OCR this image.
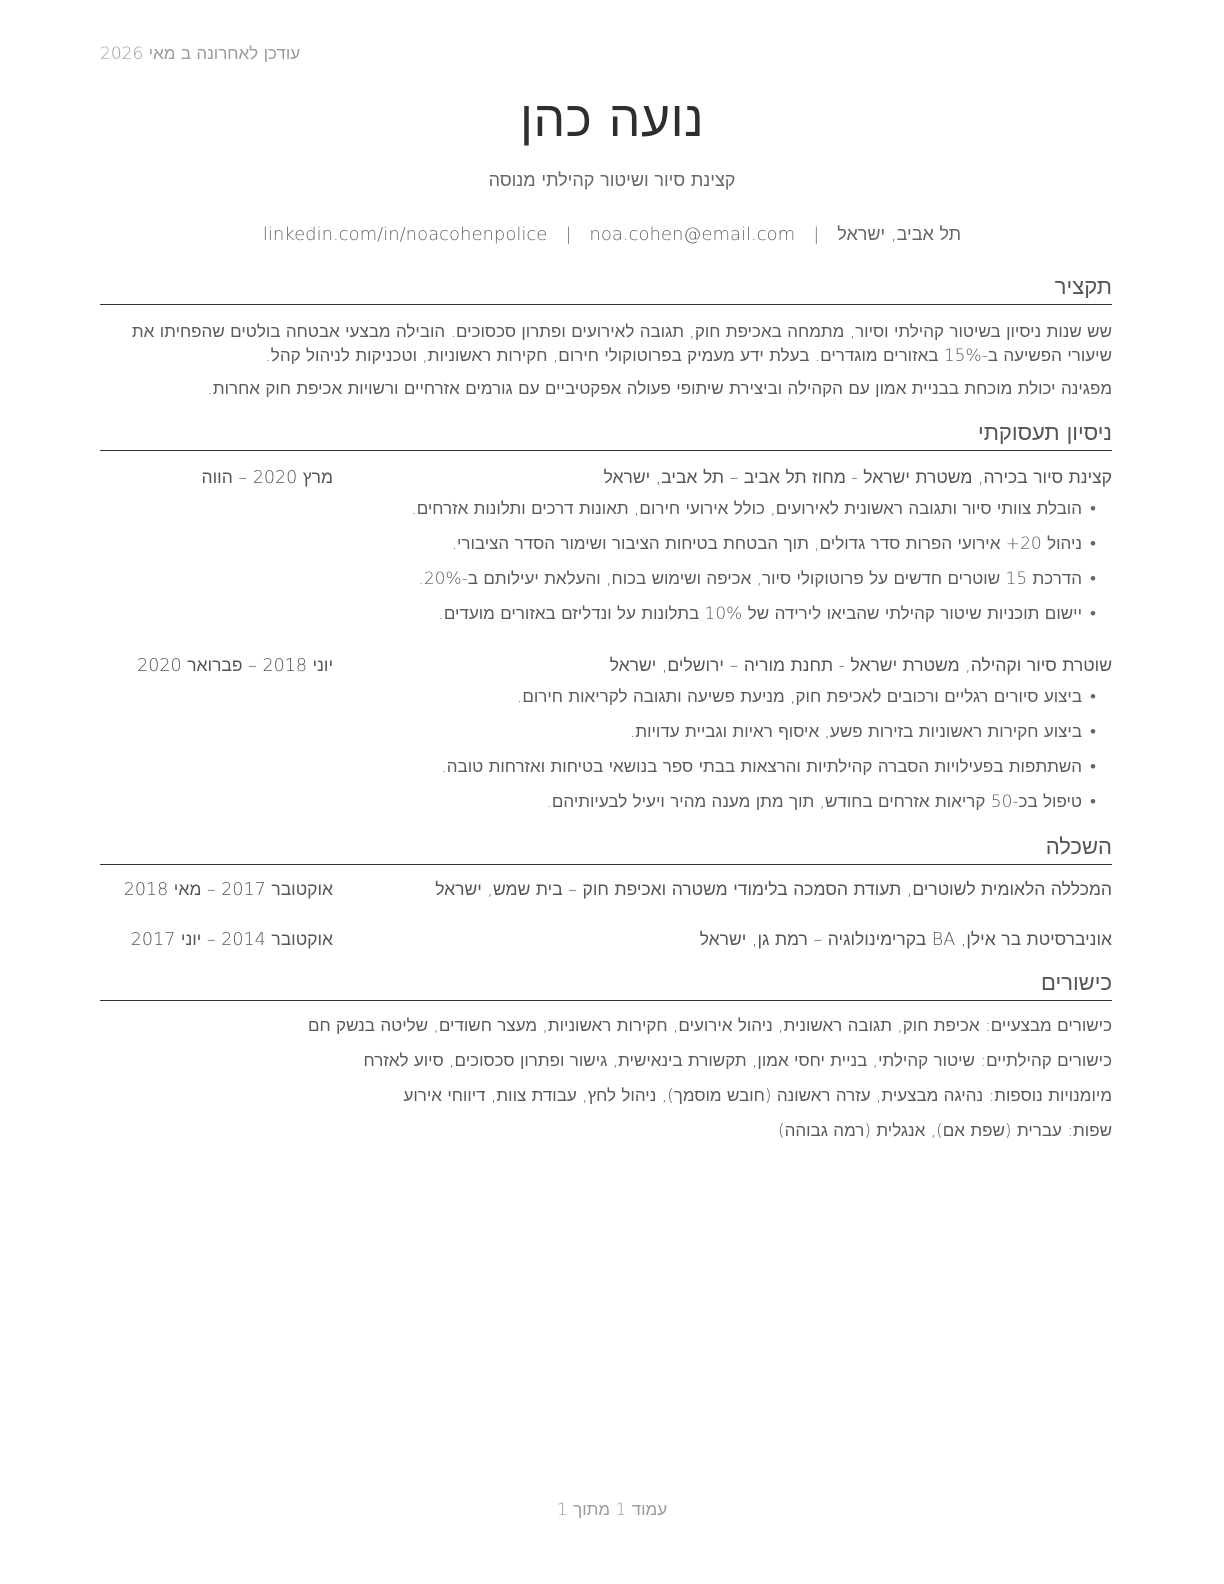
עודכן לאחרונה ב מאי 2026
נועה כהן
קצינת סיור ושיטור קהילתי מנוסה
תל אביב, ישראל
|
noa.cohen@email.com
|
linkedin.com/in/noacohenpolice
תקציר

שש שנות ניסיון בשיטור קהילתי וסיור, מתמחה באכיפת חוק, תגובה לאירועים ופתרון סכסוכים. הובילה מבצעי אבטחה בולטים שהפחיתו את שיעורי הפשיעה ב-15% באזורים מוגדרים. בעלת ידע מעמיק בפרוטוקולי חירום, חקירות ראשוניות, וטכניקות לניהול קהל.

מפגינה יכולת מוכחת בבניית אמון עם הקהילה וביצירת שיתופי פעולה אפקטיביים עם גורמים אזרחיים ורשויות אכיפת חוק אחרות.

ניסיון תעסוקתי
קצינת סיור בכירה, משטרת ישראל - מחוז תל אביב – תל אביב, ישראל
מרץ 2020 – הווה
• הובלת צוותי סיור ותגובה ראשונית לאירועים, כולל אירועי חירום, תאונות דרכים ותלונות אזרחים.
• ניהול 20+ אירועי הפרות סדר גדולים, תוך הבטחת בטיחות הציבור ושימור הסדר הציבורי.
• הדרכת 15 שוטרים חדשים על פרוטוקולי סיור, אכיפה ושימוש בכוח, והעלאת יעילותם ב-20%.
• יישום תוכניות שיטור קהילתי שהביאו לירידה של 10% בתלונות על ונדליזם באזורים מועדים.
שוטרת סיור וקהילה, משטרת ישראל - תחנת מוריה – ירושלים, ישראל
יוני 2018 – פברואר 2020
• ביצוע סיורים רגליים ורכובים לאכיפת חוק, מניעת פשיעה ותגובה לקריאות חירום.
• ביצוע חקירות ראשוניות בזירות פשע, איסוף ראיות וגביית עדויות.
• השתתפות בפעילויות הסברה קהילתיות והרצאות בבתי ספר בנושאי בטיחות ואזרחות טובה.
• טיפול בכ-50 קריאות אזרחים בחודש, תוך מתן מענה מהיר ויעיל לבעיותיהם.
השכלה
המכללה הלאומית לשוטרים, תעודת הסמכה בלימודי משטרה ואכיפת חוק – בית שמש, ישראל
אוקטובר 2017 – מאי 2018
אוניברסיטת בר אילן, BA בקרימינולוגיה – רמת גן, ישראל
אוקטובר 2014 – יוני 2017
כישורים
כישורים מבצעיים: אכיפת חוק, תגובה ראשונית, ניהול אירועים, חקירות ראשוניות, מעצר חשודים, שליטה בנשק חם
כישורים קהילתיים: שיטור קהילתי, בניית יחסי אמון, תקשורת בינאישית, גישור ופתרון סכסוכים, סיוע לאזרח
מיומנויות נוספות: נהיגה מבצעית, עזרה ראשונה (חובש מוסמך), ניהול לחץ, עבודת צוות, דיווחי אירוע
שפות: עברית (שפת אם), אנגלית (רמה גבוהה)
עמוד 1 מתוך 1
